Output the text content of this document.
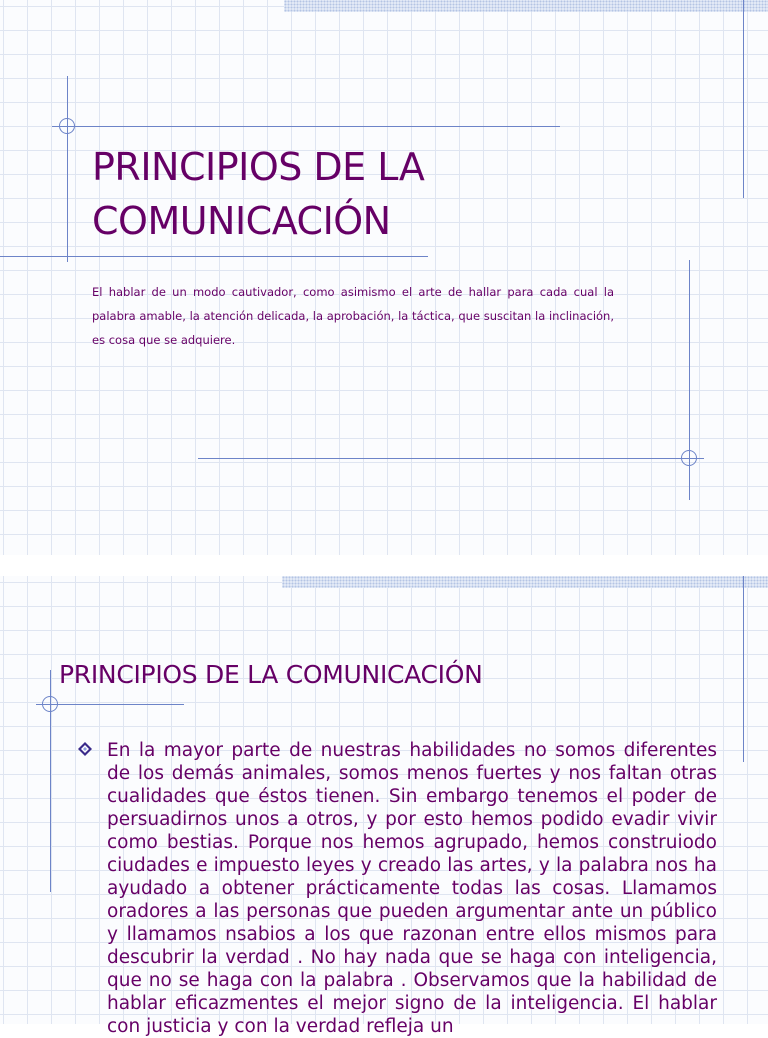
PRINCIPIOS DE LA COMUNICACIÓN

El hablar de un modo cautivador, como asimismo el arte de hallar para cada cual la palabra amable, la atención delicada, la aprobación, la táctica, que suscitan la inclinación, es cosa que se adquiere.

PRINCIPIOS DE LA COMUNICACIÓN

En la mayor parte de nuestras habilidades no somos diferentes de los demás animales, somos menos fuertes y nos faltan otras cualidades que éstos tienen. Sin embargo tenemos el poder de persuadirnos unos a otros, y por esto hemos podido evadir vivir como bestias. Porque nos hemos agrupado, hemos construiodo ciudades e impuesto leyes y creado las artes, y la palabra nos ha ayudado a obtener prácticamente todas las cosas. Llamamos oradores a las personas que pueden argumentar ante un público y llamamos nsabios a los que razonan entre ellos mismos para descubrir la verdad . No hay nada que se haga con inteligencia, que no se haga con la palabra . Observamos que la habilidad de hablar eficazmentes el mejor signo de la inteligencia. El hablar con justicia y con la verdad refleja un
